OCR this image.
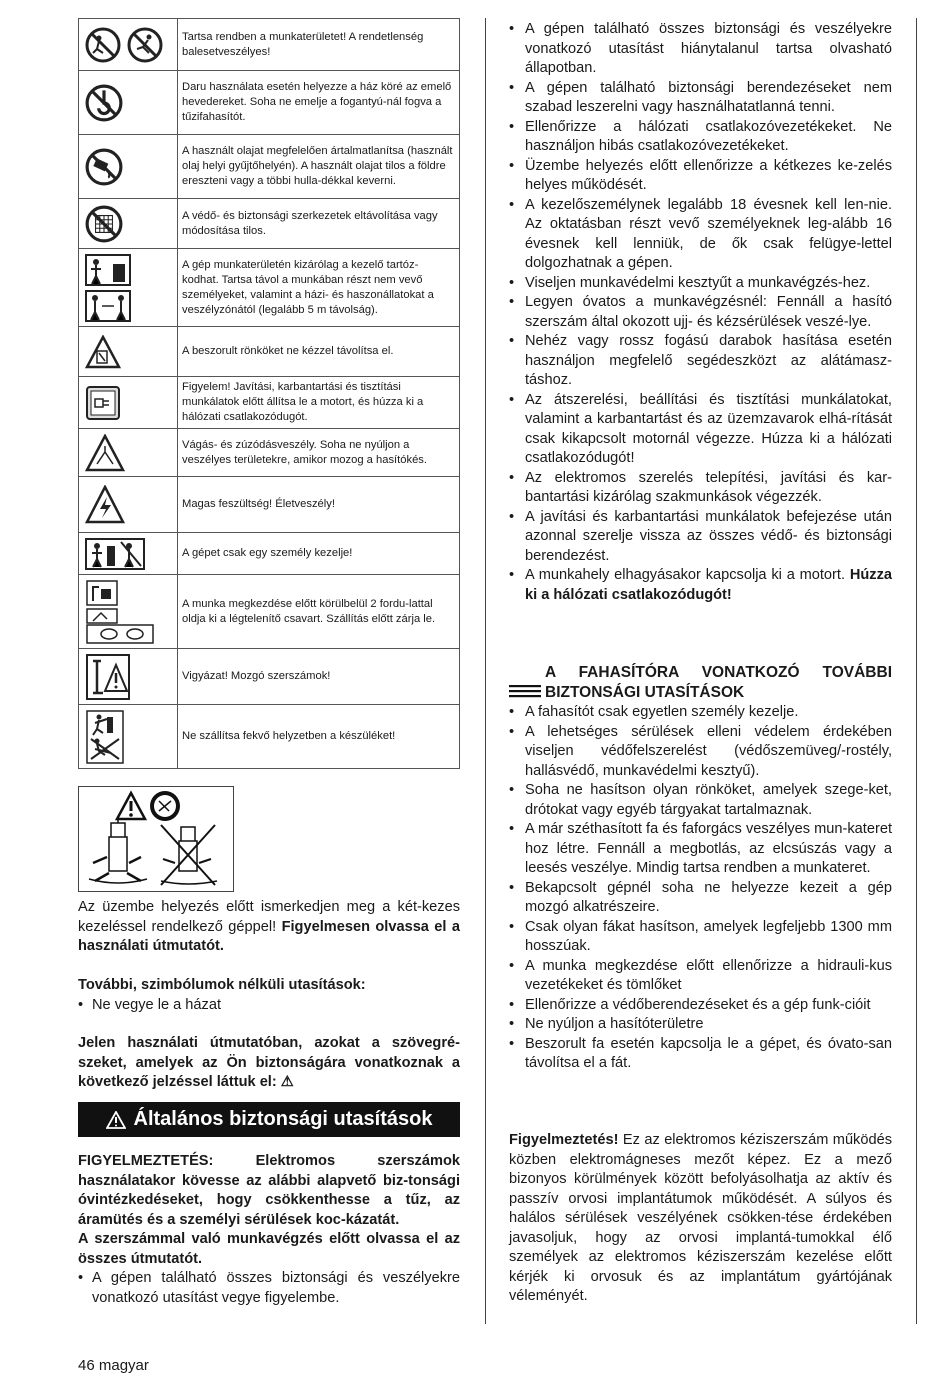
	Tartsa rendben a munkaterületet! A rendetlenség balesetveszélyes!

	Daru használata esetén helyezze a ház köré az emelő hevedereket. Soha ne emelje a fogantyú-nál fogva a tűzifahasítót.

	A használt olajat megfelelően ártalmatlanítsa (használt olaj helyi gyűjtőhelyén). A használt olajat tilos a földre ereszteni vagy a többi hulla-dékkal keverni.

	A védő- és biztonsági szerkezetek eltávolítása vagy módosítása tilos.

	A gép munkaterületén kizárólag a kezelő tartóz-kodhat. Tartsa távol a munkában részt nem vevő személyeket, valamint a házi- és haszonállatokat a veszélyzónától (legalább 5 m távolság).

	A beszorult rönköket ne kézzel távolítsa el.

	Figyelem! Javítási, karbantartási és tisztítási munkálatok előtt állítsa le a motort, és húzza ki a hálózati csatlakozódugót.

	Vágás- és zúzódásveszély. Soha ne nyúljon a veszélyes területekre, amikor mozog a hasítókés.

	Magas feszültség! Életveszély!

	A gépet csak egy személy kezelje!

	A munka megkezdése előtt körülbelül 2 fordu-lattal oldja ki a légtelenítő csavart. Szállítás előtt zárja le.

	Vigyázat! Mozgó szerszámok!

	Ne szállítsa fekvő helyzetben a készüléket!

Az üzembe helyezés előtt ismerkedjen meg a két-kezes kezeléssel rendelkező géppel! Figyelmesen olvassa el a használati útmutatót.

További, szimbólumok nélküli utasítások:

• Ne vegye le a házat

Jelen használati útmutatóban, azokat a szövegré-szeket, amelyek az Ön biztonságára vonatkoznak a következő jelzéssel láttuk el: ⚠

Általános biztonsági utasítások

FIGYELMEZTETÉS:	Elektromos szerszámok használatakor kövesse az alábbi alapvető biz-tonsági óvintézkedéseket, hogy csökkenthesse a tűz, az áramütés és a személyi sérülések koc-kázatát.

A szerszámmal való munkavégzés előtt olvassa el az összes útmutatót.

• A gépen található összes biztonsági és veszélyekre vonatkozó utasítást vegye figyelembe.

• A gépen található összes biztonsági és veszélyekre vonatkozó utasítást hiánytalanul tartsa olvasható állapotban.
• A gépen található biztonsági berendezéseket nem szabad leszerelni vagy használhatatlanná tenni.
• Ellenőrizze a hálózati csatlakozóvezetékeket. Ne használjon hibás csatlakozóvezetékeket.
• Üzembe helyezés előtt ellenőrizze a kétkezes ke-zelés helyes működését.
• A kezelőszemélynek legalább 18 évesnek kell len-nie. Az oktatásban részt vevő személyeknek leg-alább 16 évesnek kell lenniük, de ők csak felügye-lettel dolgozhatnak a gépen.
• Viseljen munkavédelmi kesztyűt a munkavégzés-hez.
• Legyen óvatos a munkavégzésnél: Fennáll a hasító szerszám által okozott ujj- és kézsérülések veszé-lye.
• Nehéz vagy rossz fogású darabok hasítása esetén használjon megfelelő segédeszközt az alátámasz-táshoz.
• Az átszerelési, beállítási és tisztítási munkálatokat, valamint a karbantartást és az üzemzavarok elhá-rítását csak kikapcsolt motornál végezze. Húzza ki a hálózati csatlakozódugót!
• Az elektromos szerelés telepítési, javítási és kar-bantartási kizárólag szakmunkások végezzék.
• A javítási és karbantartási munkálatok befejezése után azonnal szerelje vissza az összes védő- és biztonsági berendezést.
• A munkahely elhagyásakor kapcsolja ki a motort. Húzza ki a hálózati csatlakozódugót!
A FAHASÍTÓRA VONATKOZÓ TOVÁBBI
BIZTONSÁGI UTASÍTÁSOK
• A fahasítót csak egyetlen személy kezelje.
• A lehetséges sérülések elleni védelem érdekében viseljen védőfelszerelést (védőszemüveg/-rostély, hallásvédő, munkavédelmi kesztyű).
• Soha ne hasítson olyan rönköket, amelyek szege-ket, drótokat vagy egyéb tárgyakat tartalmaznak.
• A már széthasított fa és faforgács veszélyes mun-kateret hoz létre. Fennáll a megbotlás, az elcsúszás vagy a leesés veszélye. Mindig tartsa rendben a munkateret.
• Bekapcsolt gépnél soha ne helyezze kezeit a gép mozgó alkatrészeire.
• Csak olyan fákat hasítson, amelyek legfeljebb 1300 mm hosszúak.
• A munka megkezdése előtt ellenőrizze a hidrauli-kus vezetékeket és tömlőket
• Ellenőrizze a védőberendezéseket és a gép funk-cióit
• Ne nyúljon a hasítóterületre
• Beszorult fa esetén kapcsolja le a gépet, és óvato-san távolítsa el a fát.

Figyelmeztetés! Ez az elektromos kéziszerszám működés közben elektromágneses mezőt képez. Ez a mező bizonyos körülmények között befolyásolhatja az aktív és passzív orvosi implantátumok működését. A súlyos és halálos sérülések veszélyének csökken-tése érdekében javasoljuk, hogy az orvosi implantá-tumokkal élő személyek az elektromos kéziszerszám kezelése előtt kérjék ki orvosuk és az implantátum gyártójának véleményét.

46 magyar
